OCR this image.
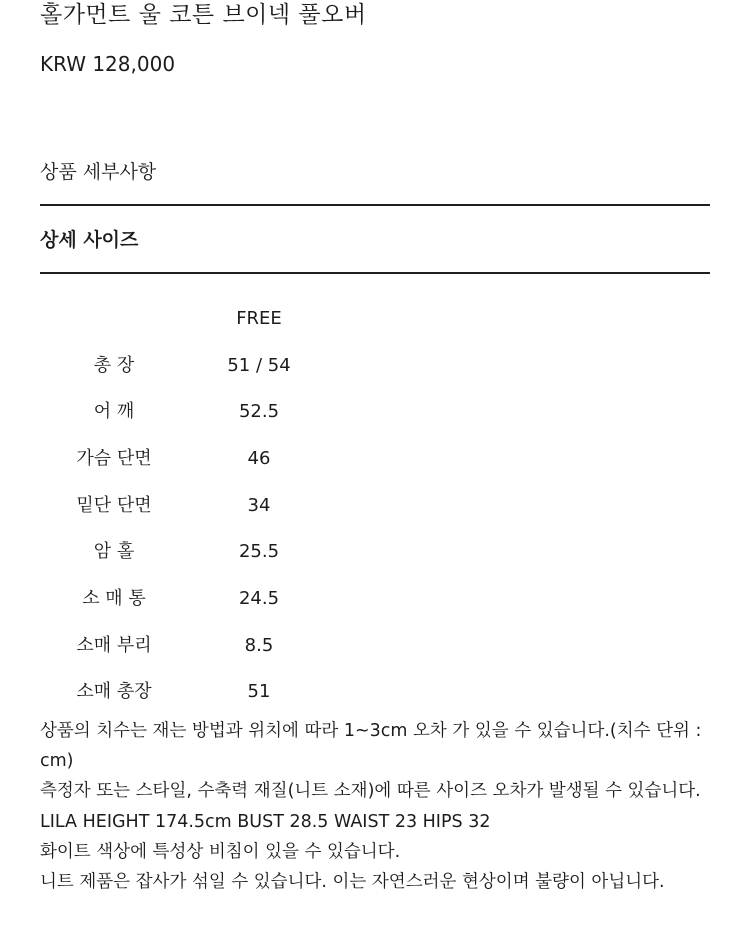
홀가먼트 울 코튼 브이넥 풀오버
KRW 128,000
상품 세부사항
상세 사이즈
FREE
총 장	51 / 54
어 깨	52.5
가슴 단면	46
밑단 단면	34
암 홀	25.5
소 매 통	24.5
소매 부리	8.5
소매 총장	51

상품의 치수는 재는 방법과 위치에 따라 1~3cm 오차 가 있을 수 있습니다.(치수 단위 : cm)

측정자 또는 스타일, 수축력 재질(니트 소재)에 따른 사이즈 오차가 발생될 수 있습니다.

LILA HEIGHT 174.5cm BUST 28.5 WAIST 23 HIPS 32

화이트 색상에 특성상 비침이 있을 수 있습니다.

니트 제품은 잡사가 섞일 수 있습니다. 이는 자연스러운 현상이며 불량이 아닙니다.
